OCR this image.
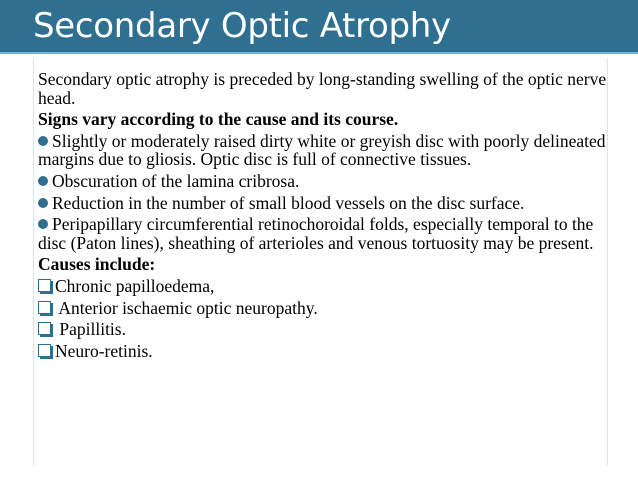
Secondary Optic Atrophy

Secondary optic atrophy is preceded by long-standing swelling of the optic nerve head.

Signs vary according to the cause and its course.

Slightly or moderately raised dirty white or greyish disc with poorly delineated margins due to gliosis. Optic disc is full of connective tissues.

Obscuration of the lamina cribrosa.

Reduction in the number of small blood vessels on the disc surface.

Peripapillary circumferential retinochoroidal folds, especially temporal to the disc (Paton lines), sheathing of arterioles and venous tortuosity may be present.

Causes include:

Chronic papilloedema,

Anterior ischaemic optic neuropathy.

Papillitis.

Neuro-retinis.
